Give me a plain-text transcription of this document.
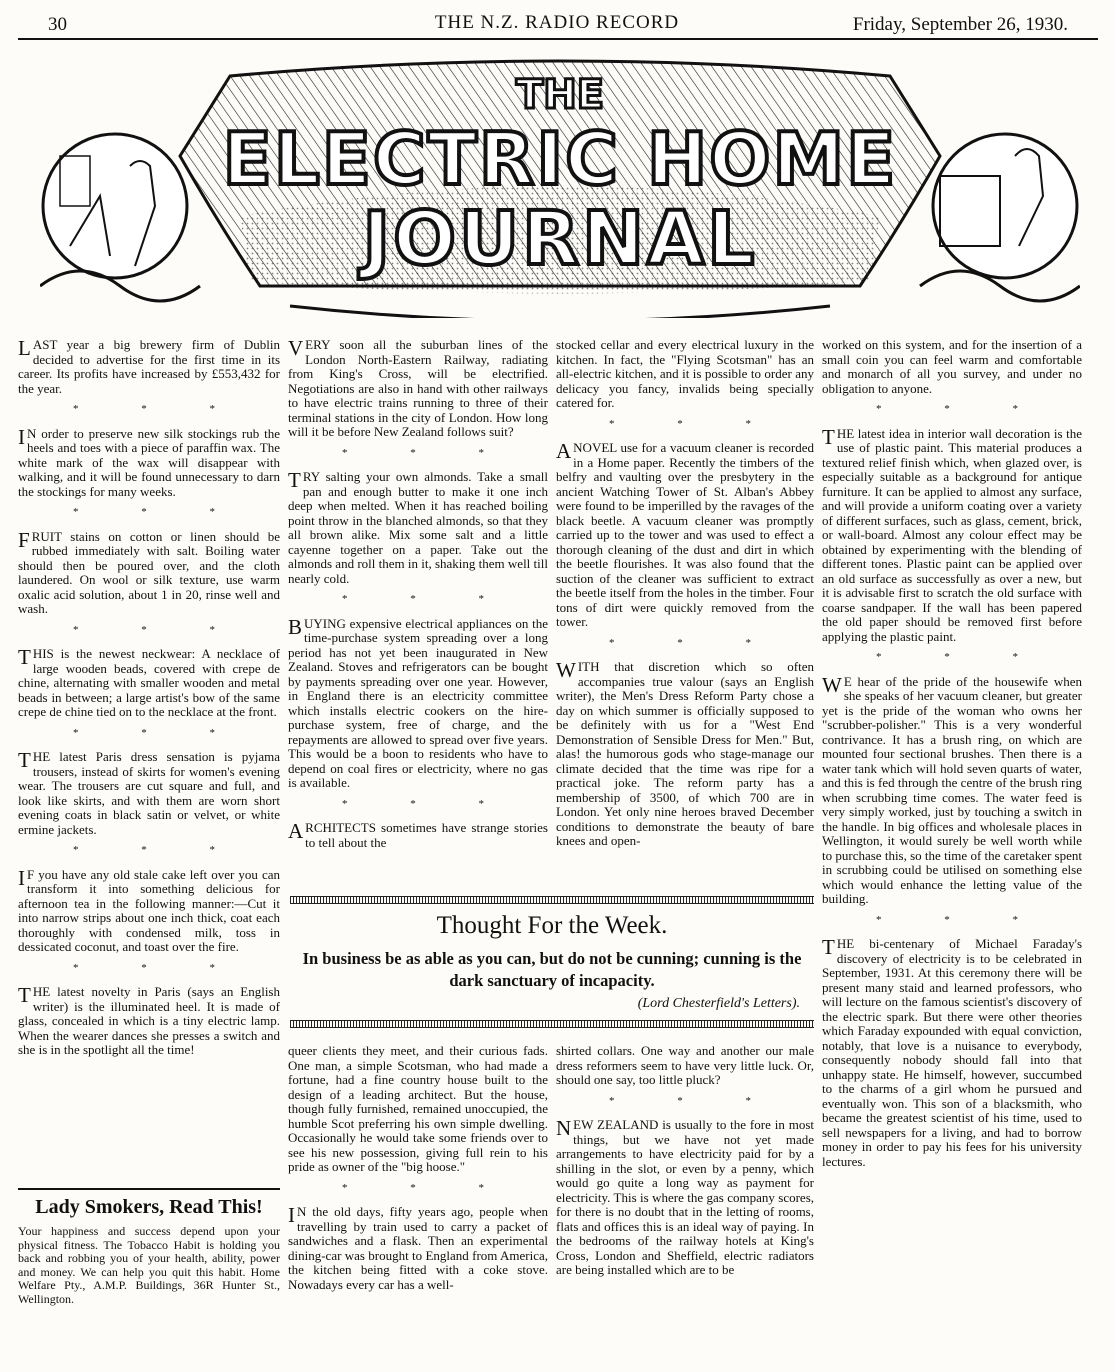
30	THE N.Z. RADIO RECORD	Friday, September 26, 1930.
THE
ELECTRIC HOME
JOURNAL

LAST year a big brewery firm of Dublin decided to advertise for the first time in its career. Its profits have increased by £553,432 for the year.

* * *

I N order to preserve new silk stockings rub the heels and toes with a piece of paraffin wax. The white mark of the wax will disappear with walking, and it will be found unnecessary to darn the stockings for many weeks.

* * *

FRUIT stains on cotton or linen should be rubbed immediately with salt. Boiling water should then be poured over, and the cloth laundered. On wool or silk texture, use warm oxalic acid solution, about 1 in 20, rinse well and wash.

* * *

THIS is the newest neckwear: A necklace of large wooden beads, covered with crepe de chine, alternating with smaller wooden and metal beads in between; a large artist's bow of the same crepe de chine tied on to the necklace at the front.

* * *

THE latest Paris dress sensation is pyjama trousers, instead of skirts for women's evening wear. The trousers are cut square and full, and look like skirts, and with them are worn short evening coats in black satin or velvet, or white ermine jackets.

* * *

I F you have any old stale cake left over you can transform it into something delicious for afternoon tea in the following manner:—Cut it into narrow strips about one inch thick, coat each thoroughly with condensed milk, toss in dessicated coconut, and toast over the fire.

* * *

THE latest novelty in Paris (says an English writer) is the illuminated heel. It is made of glass, concealed in which is a tiny electric lamp. When the wearer dances she presses a switch and she is in the spotlight all the time!

Lady Smokers, Read This!
Your happiness and success depend upon your physical fitness. The Tobacco Habit is holding you back and robbing you of your health, ability, power and money. We can help you quit this habit. Home Welfare Pty., A.M.P. Buildings, 36R Hunter St., Wellington.

VERY soon all the suburban lines of the London North-Eastern Railway, radiating from King's Cross, will be electrified. Negotiations are also in hand with other railways to have electric trains running to three of their terminal stations in the city of London. How long will it be before New Zealand follows suit?

* * *

TRY salting your own almonds. Take a small pan and enough butter to make it one inch deep when melted. When it has reached boiling point throw in the blanched almonds, so that they all brown alike. Mix some salt and a little cayenne together on a paper. Take out the almonds and roll them in it, shaking them well till nearly cold.

* * *

BUYING expensive electrical appliances on the time-purchase system spreading over a long period has not yet been inaugurated in New Zealand. Stoves and refrigerators can be bought by payments spreading over one year. However, in England there is an electricity committee which installs electric cookers on the hire-purchase system, free of charge, and the repayments are allowed to spread over five years. This would be a boon to residents who have to depend on coal fires or electricity, where no gas is available.

* * *

ARCHITECTS sometimes have strange stories to tell about the

stocked cellar and every electrical luxury in the kitchen. In fact, the "Flying Scotsman" has an all-electric kitchen, and it is possible to order any delicacy you fancy, invalids being specially catered for.

* * *

A NOVEL use for a vacuum cleaner is recorded in a Home paper. Recently the timbers of the belfry and vaulting over the presbytery in the ancient Watching Tower of St. Alban's Abbey were found to be imperilled by the ravages of the black beetle. A vacuum cleaner was promptly carried up to the tower and was used to effect a thorough cleaning of the dust and dirt in which the beetle flourishes. It was also found that the suction of the cleaner was sufficient to extract the beetle itself from the holes in the timber. Four tons of dirt were quickly removed from the tower.

* * *

WITH that discretion which so often accompanies true valour (says an English writer), the Men's Dress Reform Party chose a day on which summer is officially supposed to be definitely with us for a "West End Demonstration of Sensible Dress for Men." But, alas! the humorous gods who stage-manage our climate decided that the time was ripe for a practical joke. The reform party has a membership of 3500, of which 700 are in London. Yet only nine heroes braved December conditions to demonstrate the beauty of bare knees and open-

Thought For the Week.
In business be as able as you can, but do not be cunning; cunning is the dark sanctuary of incapacity.
(Lord Chesterfield's Letters).

queer clients they meet, and their curious fads. One man, a simple Scotsman, who had made a fortune, had a fine country house built to the design of a leading architect. But the house, though fully furnished, remained unoccupied, the humble Scot preferring his own simple dwelling. Occasionally he would take some friends over to see his new possession, giving full rein to his pride as owner of the "big hoose."

* * *

I N the old days, fifty years ago, people when travelling by train used to carry a packet of sandwiches and a flask. Then an experimental dining-car was brought to England from America, the kitchen being fitted with a coke stove. Nowadays every car has a well-

shirted collars. One way and another our male dress reformers seem to have very little luck. Or, should one say, too little pluck?

* * *

NEW ZEALAND is usually to the fore in most things, but we have not yet made arrangements to have electricity paid for by a shilling in the slot, or even by a penny, which would go quite a long way as payment for electricity. This is where the gas company scores, for there is no doubt that in the letting of rooms, flats and offices this is an ideal way of paying. In the bedrooms of the railway hotels at King's Cross, London and Sheffield, electric radiators are being installed which are to be

worked on this system, and for the insertion of a small coin you can feel warm and comfortable and monarch of all you survey, and under no obligation to anyone.

* * *

THE latest idea in interior wall decoration is the use of plastic paint. This material produces a textured relief finish which, when glazed over, is especially suitable as a background for antique furniture. It can be applied to almost any surface, and will provide a uniform coating over a variety of different surfaces, such as glass, cement, brick, or wall-board. Almost any colour effect may be obtained by experimenting with the blending of different tones. Plastic paint can be applied over an old surface as successfully as over a new, but it is advisable first to scratch the old surface with coarse sandpaper. If the wall has been papered the old paper should be removed first before applying the plastic paint.

* * *

W E hear of the pride of the housewife when she speaks of her vacuum cleaner, but greater yet is the pride of the woman who owns her "scrubber-polisher." This is a very wonderful contrivance. It has a brush ring, on which are mounted four sectional brushes. Then there is a water tank which will hold seven quarts of water, and this is fed through the centre of the brush ring when scrubbing time comes. The water feed is very simply worked, just by touching a switch in the handle. In big offices and wholesale places in Wellington, it would surely be well worth while to purchase this, so the time of the caretaker spent in scrubbing could be utilised on something else which would enhance the letting value of the building.

* * *

THE bi-centenary of Michael Faraday's discovery of electricity is to be celebrated in September, 1931. At this ceremony there will be present many staid and learned professors, who will lecture on the famous scientist's discovery of the electric spark. But there were other theories which Faraday expounded with equal conviction, notably, that love is a nuisance to everybody, consequently nobody should fall into that unhappy state. He himself, however, succumbed to the charms of a girl whom he pursued and eventually won. This son of a blacksmith, who became the greatest scientist of his time, used to sell newspapers for a living, and had to borrow money in order to pay his fees for his university lectures.
